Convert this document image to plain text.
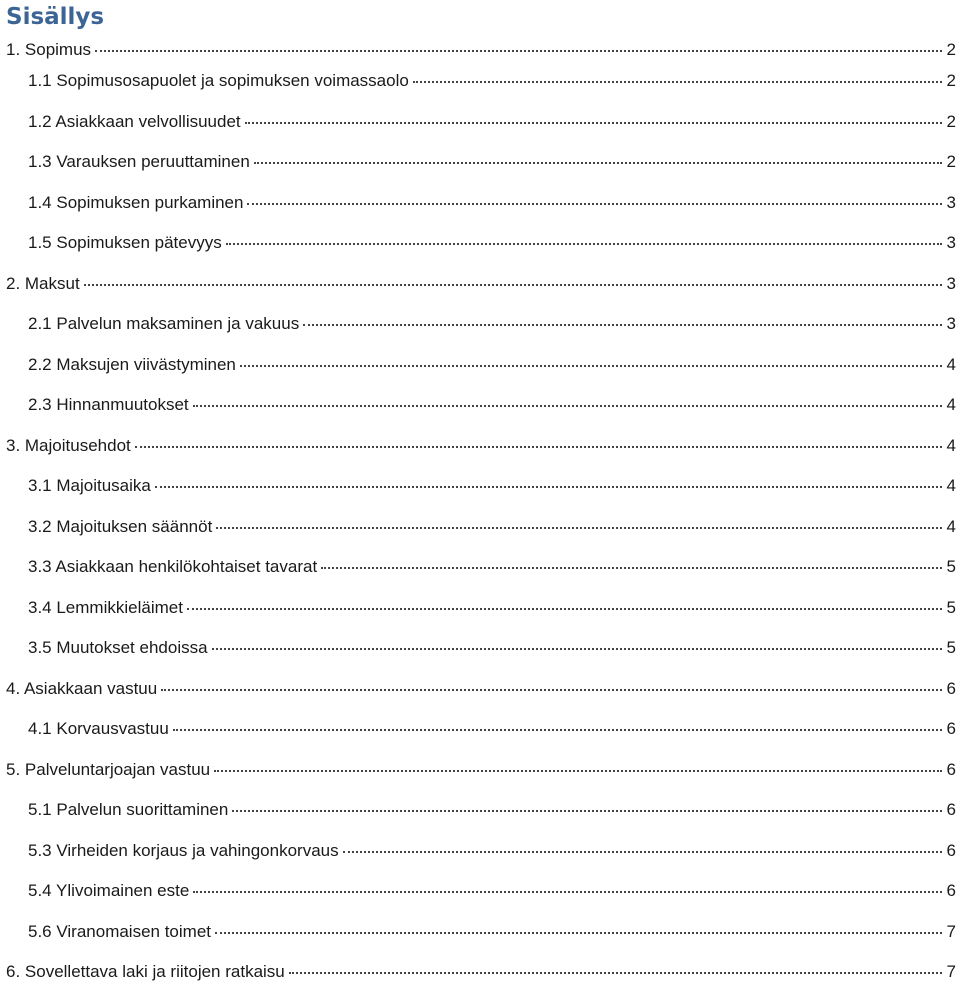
Sisällys
1. Sopimus	2
1.1 Sopimusosapuolet ja sopimuksen voimassaolo	2
1.2 Asiakkaan velvollisuudet	2
1.3 Varauksen peruuttaminen	2
1.4 Sopimuksen purkaminen	3
1.5 Sopimuksen pätevyys	3
2. Maksut	3
2.1 Palvelun maksaminen ja vakuus	3
2.2 Maksujen viivästyminen	4
2.3 Hinnanmuutokset	4
3. Majoitusehdot	4
3.1 Majoitusaika	4
3.2 Majoituksen säännöt	4
3.3 Asiakkaan henkilökohtaiset tavarat	5
3.4 Lemmikkieläimet	5
3.5 Muutokset ehdoissa	5
4. Asiakkaan vastuu	6
4.1 Korvausvastuu	6
5. Palveluntarjoajan vastuu	6
5.1 Palvelun suorittaminen	6
5.3 Virheiden korjaus ja vahingonkorvaus	6
5.4 Ylivoimainen este	6
5.6 Viranomaisen toimet	7
6. Sovellettava laki ja riitojen ratkaisu	7
